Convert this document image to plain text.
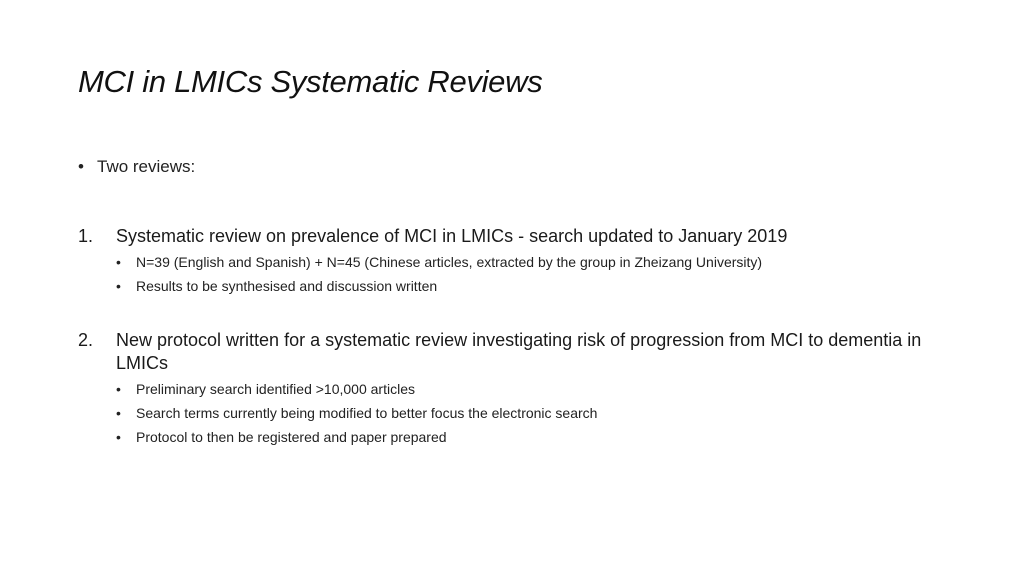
MCI in LMICs Systematic Reviews
• Two reviews:
1.	Systematic review on prevalence of MCI in LMICs - search updated to January 2019
•	N=39 (English and Spanish) + N=45 (Chinese articles, extracted by the group in Zheizang University)
•	Results to be synthesised and discussion written
2.	New protocol written for a systematic review investigating risk of progression from MCI to dementia in LMICs
•	Preliminary search identified >10,000 articles
•	Search terms currently being modified to better focus the electronic search
•	Protocol to then be registered and paper prepared
